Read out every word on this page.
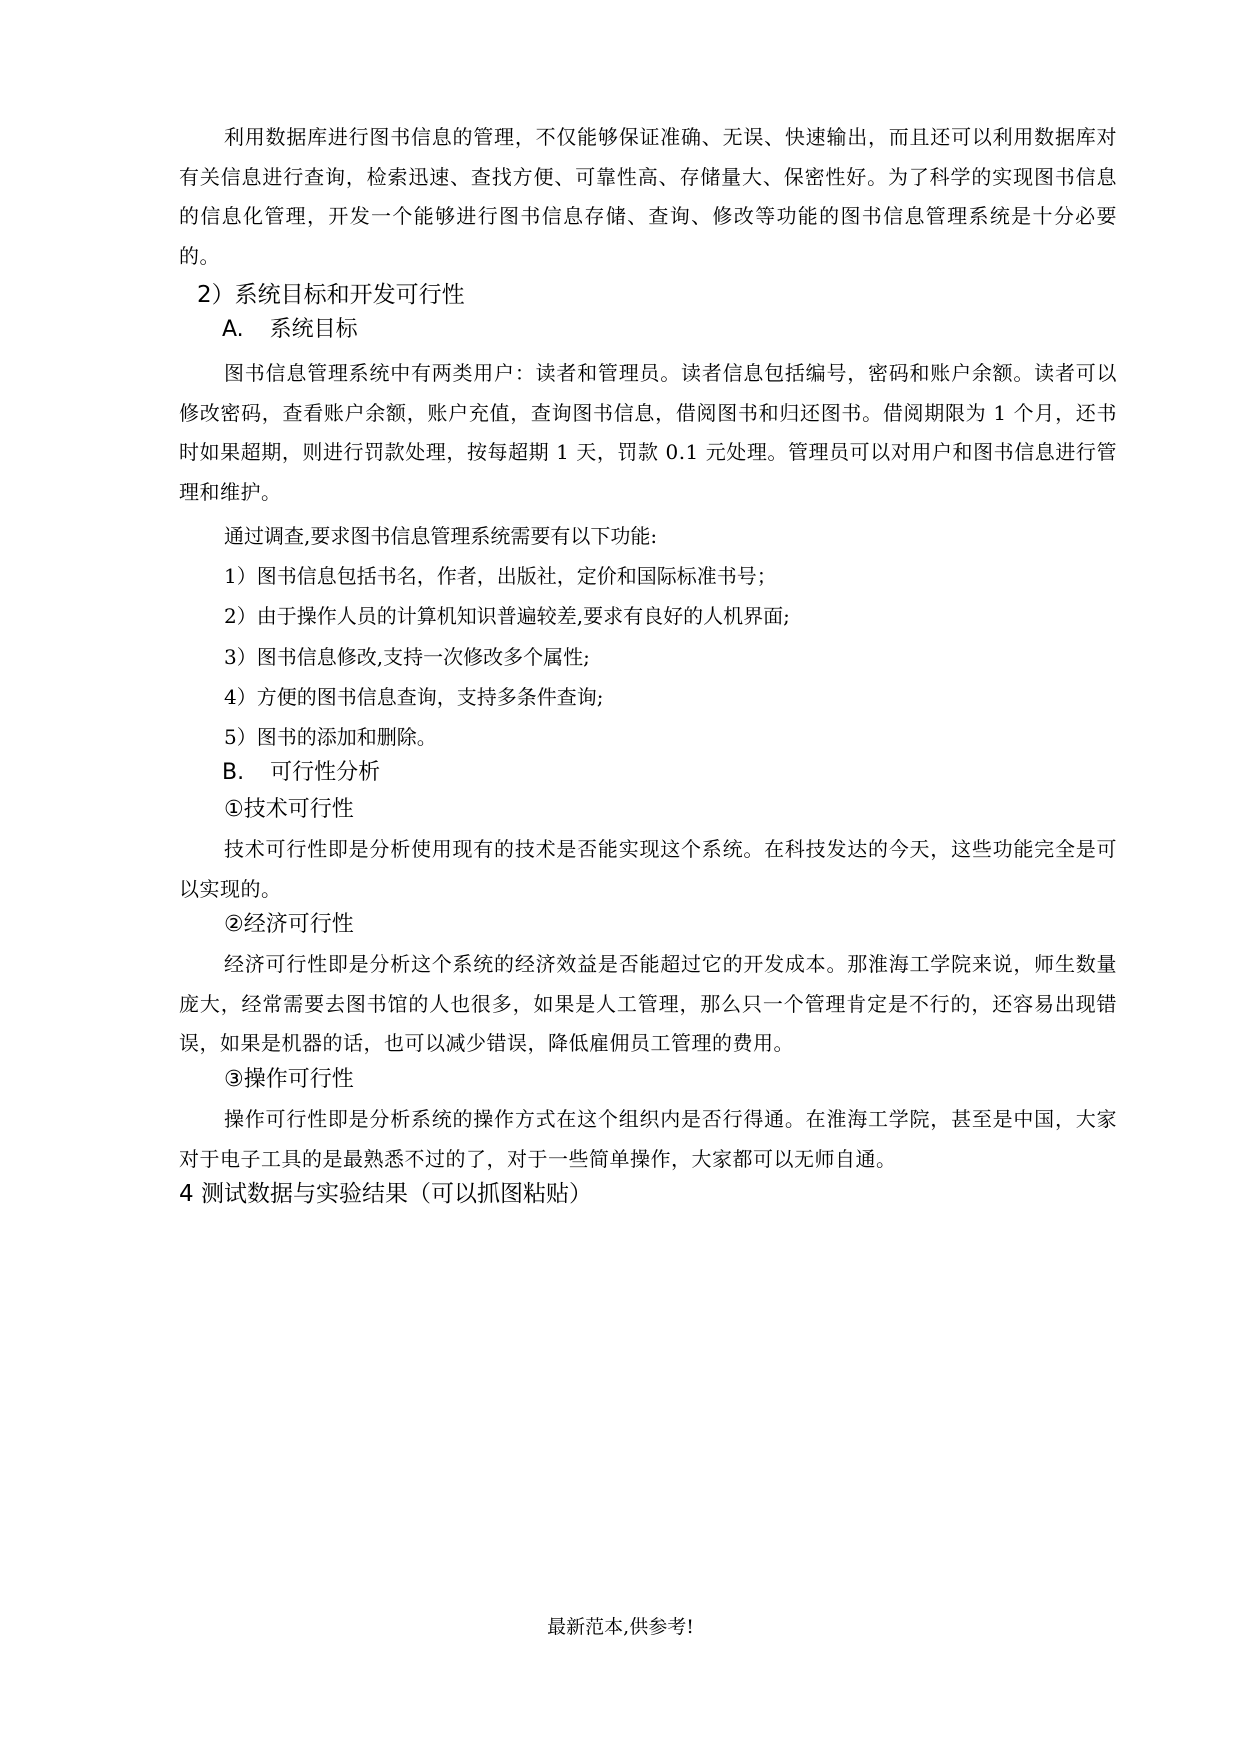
利用数据库进行图书信息的管理，不仅能够保证准确、无误、快速输出，而且还可以利用数据库对有关信息进行查询，检索迅速、查找方便、可靠性高、存储量大、保密性好。为了科学的实现图书信息的信息化管理，开发一个能够进行图书信息存储、查询、修改等功能的图书信息管理系统是十分必要的。

2）系统目标和开发可行性
A. 系统目标

图书信息管理系统中有两类用户：读者和管理员。读者信息包括编号，密码和账户余额。读者可以修改密码，查看账户余额，账户充值，查询图书信息，借阅图书和归还图书。借阅期限为 1 个月，还书时如果超期，则进行罚款处理，按每超期 1 天，罚款 0.1 元处理。管理员可以对用户和图书信息进行管理和维护。

通过调查,要求图书信息管理系统需要有以下功能:
1）图书信息包括书名，作者，出版社，定价和国际标准书号；
2）由于操作人员的计算机知识普遍较差,要求有良好的人机界面;
3）图书信息修改,支持一次修改多个属性;
4）方便的图书信息查询，支持多条件查询;
5）图书的添加和删除。
B. 可行性分析
①技术可行性

技术可行性即是分析使用现有的技术是否能实现这个系统。在科技发达的今天，这些功能完全是可以实现的。

②经济可行性

经济可行性即是分析这个系统的经济效益是否能超过它的开发成本。那淮海工学院来说，师生数量庞大，经常需要去图书馆的人也很多，如果是人工管理，那么只一个管理肯定是不行的，还容易出现错误，如果是机器的话，也可以减少错误，降低雇佣员工管理的费用。

③操作可行性

操作可行性即是分析系统的操作方式在这个组织内是否行得通。在淮海工学院，甚至是中国，大家对于电子工具的是最熟悉不过的了，对于一些简单操作，大家都可以无师自通。

4 测试数据与实验结果（可以抓图粘贴）
最新范本,供参考!
